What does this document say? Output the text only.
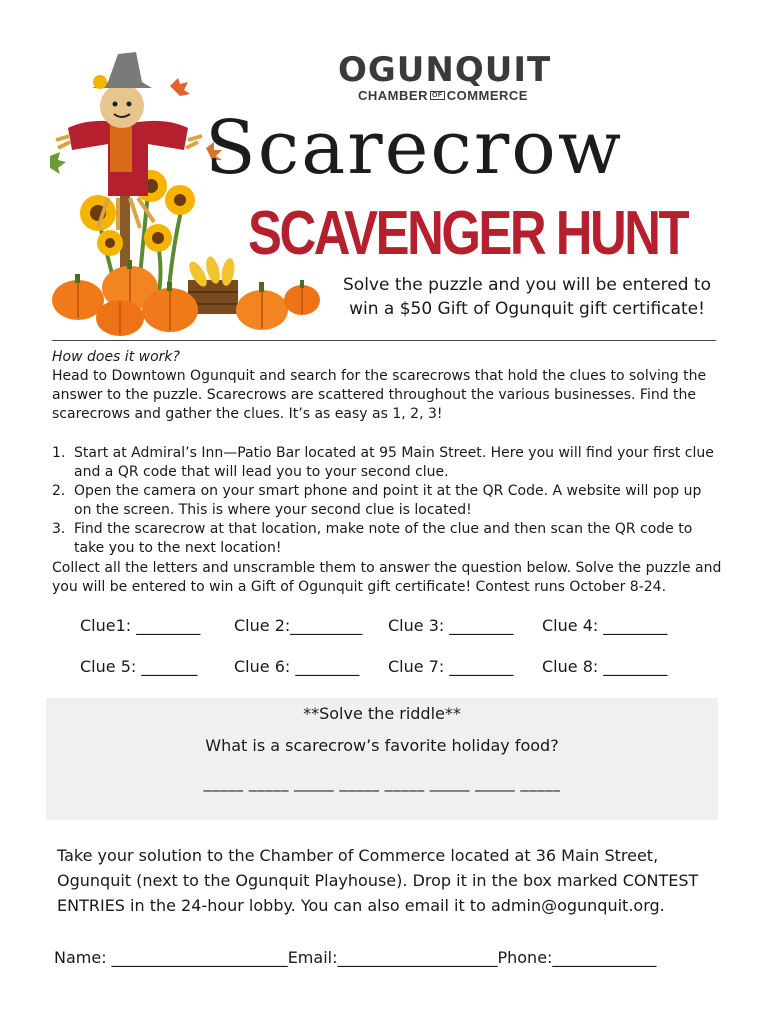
OGUNQUIT
CHAMBER $^{OF}$ COMMERCE
Scarecrow
SCAVENGER HUNT
Solve the puzzle and you will be entered to
win a $50 Gift of Ogunquit gift certificate!
How does it work?
Head to Downtown Ogunquit and search for the scarecrows that hold the clues to solving the answer to the puzzle. Scarecrows are scattered throughout the various businesses. Find the scarecrows and gather the clues. It’s as easy as 1, 2, 3!
1. Start at Admiral’s Inn—Patio Bar located at 95 Main Street. Here you will find your first clue and a QR code that will lead you to your second clue.
2. Open the camera on your smart phone and point it at the QR Code. A website will pop up on the screen. This is where your second clue is located!
3. Find the scarecrow at that location, make note of the clue and then scan the QR code to take you to the next location!
Collect all the letters and unscramble them to answer the question below. Solve the puzzle and you will be entered to win a Gift of Ogunquit gift certificate! Contest runs October 8-24.
Clue1: ________ Clue 2:_________ Clue 3: ________ Clue 4: ________
Clue 5: _______ Clue 6: ________ Clue 7: ________ Clue 8: ________
**Solve the riddle**
What is a scarecrow’s favorite holiday food?
_____ _____ _____ _____ _____ _____ _____ _____
Take your solution to the Chamber of Commerce located at 36 Main Street, Ogunquit (next to the Ogunquit Playhouse). Drop it in the box marked CONTEST ENTRIES in the 24-hour lobby. You can also email it to admin@ogunquit.org.
Name: ______________________Email:____________________Phone:_____________
